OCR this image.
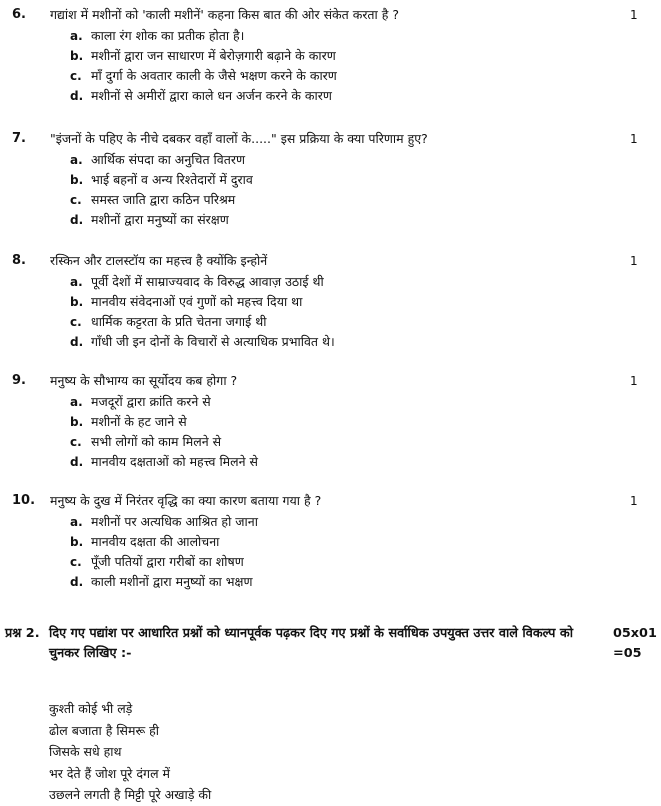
6. गद्यांश में मशीनों को 'काली मशीनें' कहना किस बात की ओर संकेत करता है ?	1
a. काला रंग शोक का प्रतीक होता है।
b. मशीनों द्वारा जन साधारण में बेरोज़गारी बढ़ाने के कारण
c. माँ दुर्गा के अवतार काली के जैसे भक्षण करने के कारण
d. मशीनों से अमीरों द्वारा काले धन अर्जन करने के कारण
7. "इंजनों के पहिए के नीचे दबकर वहाँ वालों के....." इस प्रक्रिया के क्या परिणाम हुए?	1
a. आर्थिक संपदा का अनुचित वितरण
b. भाई बहनों व अन्य रिश्तेदारों में दुराव
c. समस्त जाति द्वारा कठिन परिश्रम
d. मशीनों द्वारा मनुष्यों का संरक्षण
8. रस्किन और टालस्टॉय का महत्त्व है क्योंकि इन्होनें	1
a. पूर्वी देशों में साम्राज्यवाद के विरुद्ध आवाज़ उठाई थी
b. मानवीय संवेदनाओं एवं गुणों को महत्त्व दिया था
c. धार्मिक कट्टरता के प्रति चेतना जगाई थी
d. गाँधी जी इन दोनों के विचारों से अत्याधिक प्रभावित थे।
9. मनुष्य के सौभाग्य का सूर्योदय कब होगा ?	1
a. मजदूरों द्वारा क्रांति करने से
b. मशीनों के हट जाने से
c. सभी लोगों को काम मिलने से
d. मानवीय दक्षताओं को महत्त्व मिलने से
10. मनुष्य के दुख में निरंतर वृद्धि का क्या कारण बताया गया है ?	1
a. मशीनों पर अत्यधिक आश्रित हो जाना
b. मानवीय दक्षता की आलोचना
c. पूँजी पतियों द्वारा गरीबों का शोषण
d. काली मशीनों द्वारा मनुष्यों का भक्षण
प्रश्न 2. दिए गए पद्यांश पर आधारित प्रश्नों को ध्यानपूर्वक पढ़कर दिए गए प्रश्नों के सर्वाधिक उपयुक्त उत्तर वाले विकल्प को चुनकर लिखिए :-
05x01
=05
कुश्ती कोई भी लड़े
ढोल बजाता है सिमरू ही
जिसके सधे हाथ
भर देते हैं जोश पूरे दंगल में
उछलने लगती है मिट्टी पूरे अखाड़े की
